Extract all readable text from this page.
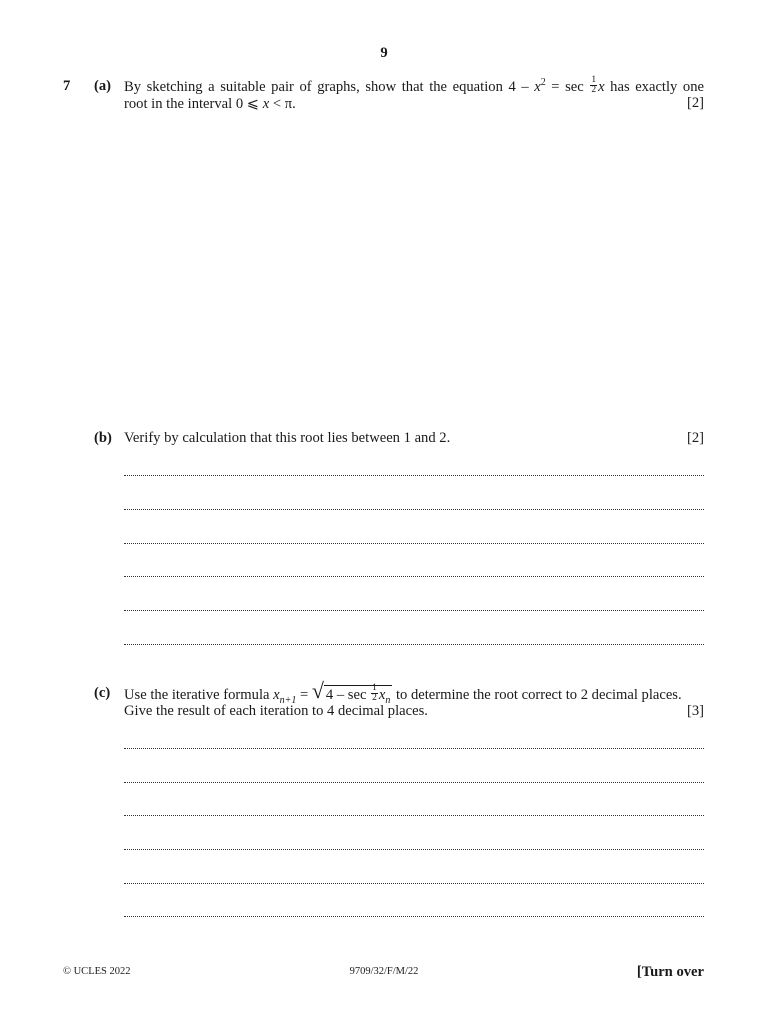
9
7 (a) By sketching a suitable pair of graphs, show that the equation $4 - x^2 = \sec \frac{1}{2}$ x has exactly one
root in the interval 0 ⩽ x < π.	[2]
(b) Verify by calculation that this root lies between 1 and 2.	[2]
(c) Use the iterative formula $x_{n+1}$ = √ $4 - \sec \frac{1}{2} x_n$ to determine the root correct to 2 decimal places.
Give the result of each iteration to 4 decimal places.	[3]
© UCLES 2022	9709/32/F/M/22	[Turn over
